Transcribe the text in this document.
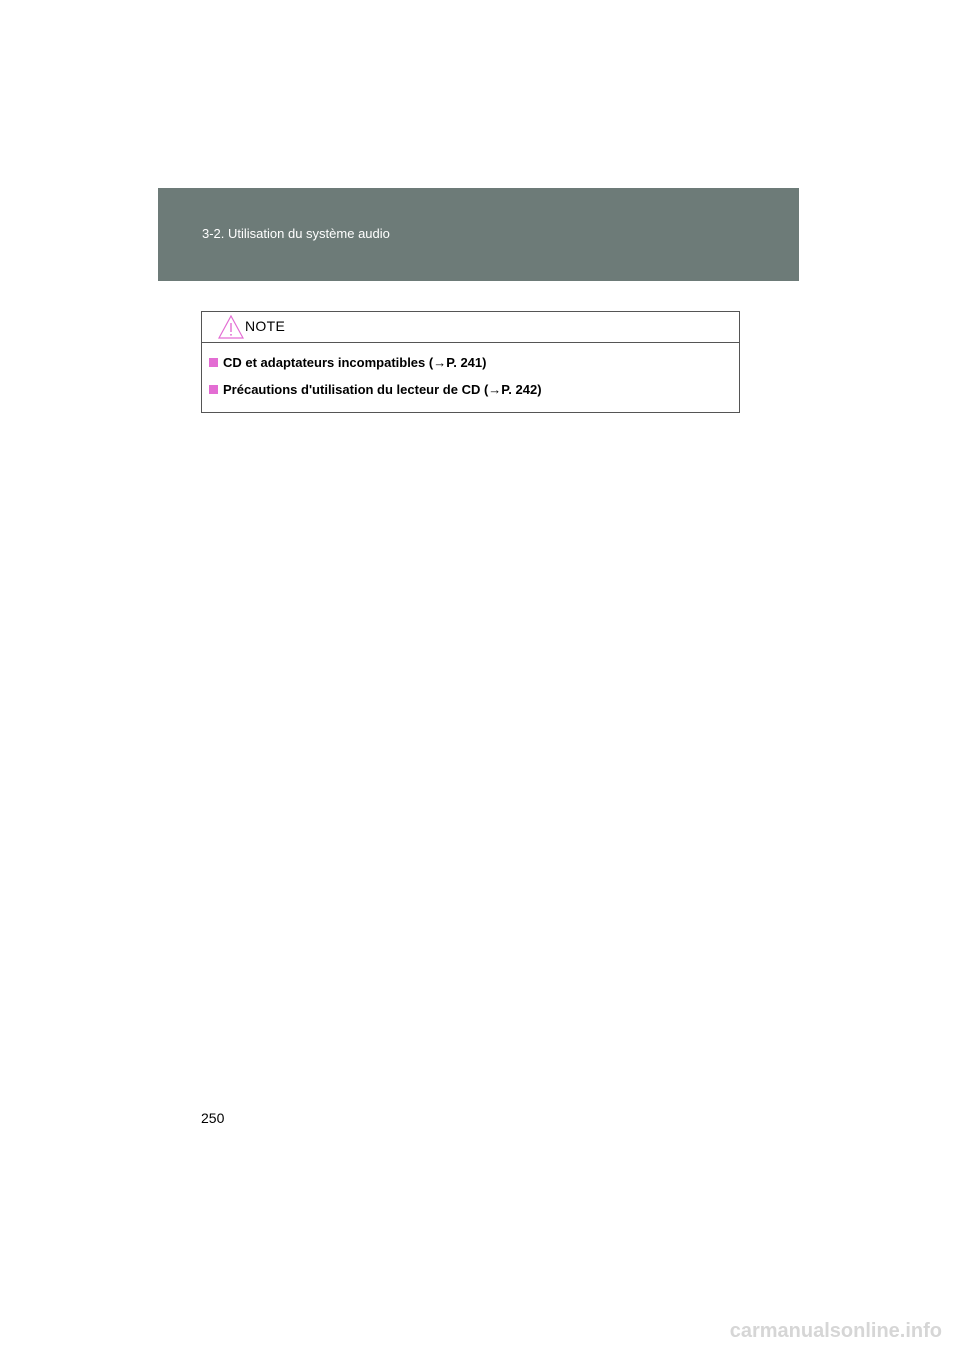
3-2. Utilisation du système audio
NOTE
CD et adaptateurs incompatibles ( → P. 241)
Précautions d'utilisation du lecteur de CD ( → P. 242)
250
carmanualsonline.info
